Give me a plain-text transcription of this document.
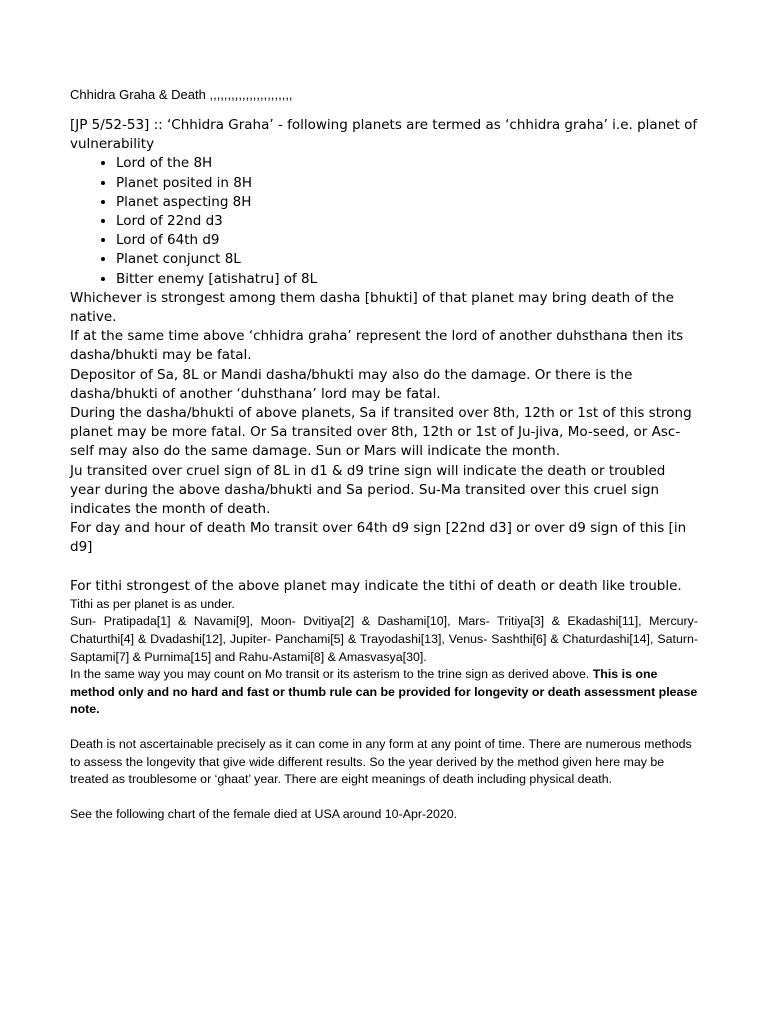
Chhidra Graha & Death ,,,,,,,,,,,,,,,,,,,,,,,

[JP 5/52-53] :: ‘Chhidra Graha’ - following planets are termed as ‘chhidra graha’ i.e. planet of vulnerability

• Lord of the 8H
• Planet posited in 8H
• Planet aspecting 8H
• Lord of 22nd d3
• Lord of 64th d9
• Planet conjunct 8L
• Bitter enemy [atishatru] of 8L

Whichever is strongest among them dasha [bhukti] of that planet may bring death of the native.

If at the same time above ‘chhidra graha’ represent the lord of another duhsthana then its dasha/bhukti may be fatal.

Depositor of Sa, 8L or Mandi dasha/bhukti may also do the damage. Or there is the dasha/bhukti of another ‘duhsthana’ lord may be fatal.

During the dasha/bhukti of above planets, Sa if transited over 8th, 12th or 1st of this strong planet may be more fatal. Or Sa transited over 8th, 12th or 1st of Ju-jiva, Mo-seed, or Asc-self may also do the same damage. Sun or Mars will indicate the month.

Ju transited over cruel sign of 8L in d1 & d9 trine sign will indicate the death or troubled year during the above dasha/bhukti and Sa period. Su-Ma transited over this cruel sign indicates the month of death.

For day and hour of death Mo transit over 64th d9 sign [22nd d3] or over d9 sign of this [in d9]

For tithi strongest of the above planet may indicate the tithi of death or death like trouble.

Tithi as per planet is as under.

Sun- Pratipada[1] & Navami[9], Moon- Dvitiya[2] & Dashami[10], Mars- Tritiya[3] & Ekadashi[11], Mercury- Chaturthi[4] & Dvadashi[12], Jupiter- Panchami[5] & Trayodashi[13], Venus- Sashthi[6] & Chaturdashi[14], Saturn- Saptami[7] & Purnima[15] and Rahu-Astami[8] & Amasvasya[30].

In the same way you may count on Mo transit or its asterism to the trine sign as derived above. This is one method only and no hard and fast or thumb rule can be provided for longevity or death assessment please note.

Death is not ascertainable precisely as it can come in any form at any point of time. There are numerous methods to assess the longevity that give wide different results. So the year derived by the method given here may be treated as troublesome or ‘ghaat’ year. There are eight meanings of death including physical death.

See the following chart of the female died at USA around 10-Apr-2020.
